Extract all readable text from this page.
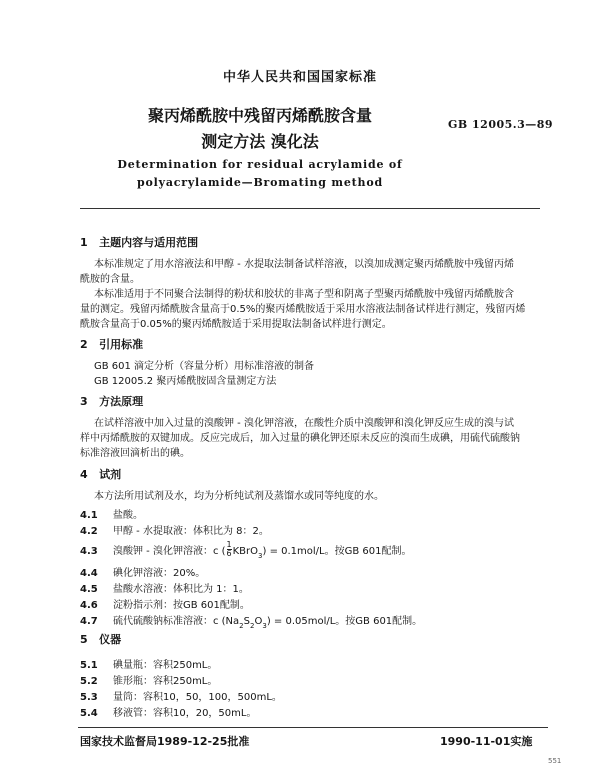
中华人民共和国国家标准
聚丙烯酰胺中残留丙烯酰胺含量
测定方法 溴化法
GB 12005.3—89
Determination for residual acrylamide of
polyacrylamide—Bromating method
1 主题内容与适用范围
本标准规定了用水溶液法和甲醇 - 水提取法制备试样溶液，以溴加成测定聚丙烯酰胺中残留丙烯
酰胺的含量。
本标准适用于不同聚合法制得的粉状和胶状的非离子型和阴离子型聚丙烯酰胺中残留丙烯酰胺含
量的测定。残留丙烯酰胺含量高于0.5%的聚丙烯酰胺适于采用水溶液法制备试样进行测定，残留丙烯
酰胺含量高于0.05%的聚丙烯酰胺适于采用提取法制备试样进行测定。
2 引用标准
GB 601 滴定分析（容量分析）用标准溶液的制备
GB 12005.2 聚丙烯酰胺固含量测定方法
3 方法原理
在试样溶液中加入过量的溴酸钾 - 溴化钾溶液，在酸性介质中溴酸钾和溴化钾反应生成的溴与试
样中丙烯酰胺的双键加成。反应完成后，加入过量的碘化钾还原未反应的溴而生成碘，用硫代硫酸钠
标准溶液回滴析出的碘。
4 试剂
本方法所用试剂及水，均为分析纯试剂及蒸馏水或同等纯度的水。
4.1 盐酸。
4.2 甲醇 - 水提取液：体积比为 8：2。
4.3 溴酸钾 - 溴化钾溶液：c ( $\frac{1}{6}$ KBrO$_3$) = 0.1mol/L。按GB 601配制。
4.4 碘化钾溶液：20%。
4.5 盐酸水溶液：体积比为 1：1。
4.6 淀粉指示剂：按GB 601配制。
4.7 硫代硫酸钠标准溶液：c $(Na_2S_2O_3) = 0.05mol/L$。按GB 601配制。
5 仪器
5.1 碘量瓶：容积250mL。
5.2 锥形瓶：容积250mL。
5.3 量筒：容积10，50，100，500mL。
5.4 移液管：容积10，20，50mL。
国家技术监督局1989-12-25批准	1990-11-01实施
551
